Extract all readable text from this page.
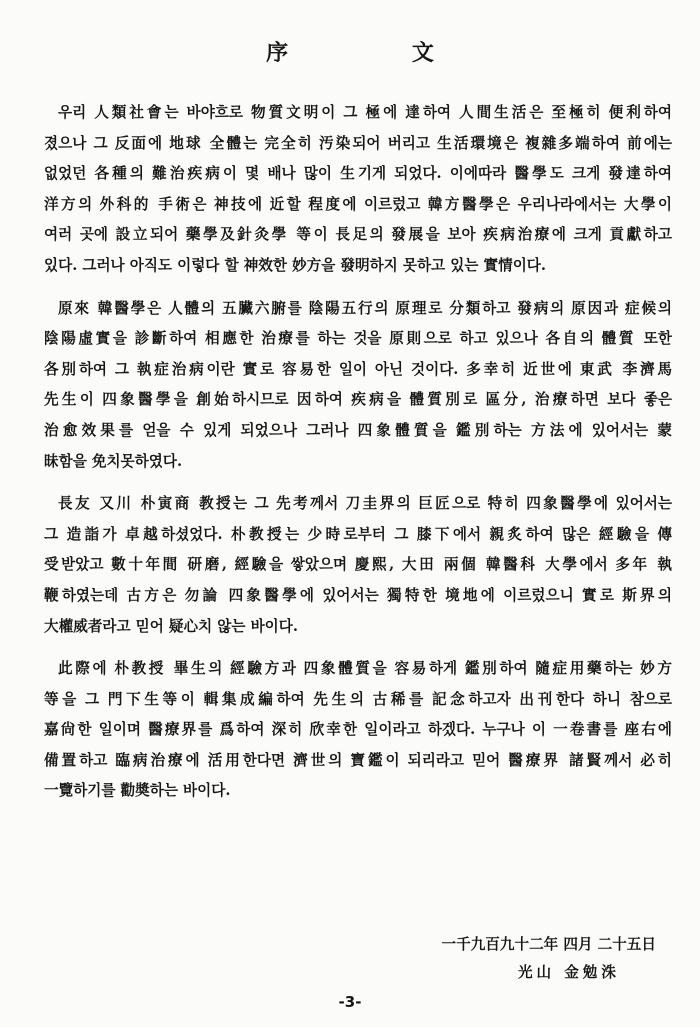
序 文
우리 人類社會는 바야흐로 物質文明이 그 極에 達하여 人間生活은 至極히 便利하여
졌으나 그 反面에 地球 全體는 完全히 汚染되어 버리고 生活環境은 複雜多端하여 前에는
없었던 各種의 難治疾病이 몇 배나 많이 生기게 되었다. 이에따라 醫學도 크게 發達하여
洋方의 外科的 手術은 神技에 近할 程度에 이르렀고 韓方醫學은 우리나라에서는 大學이
여러 곳에 設立되어 藥學及針灸學 等이 長足의 發展을 보아 疾病治療에 크게 貢獻하고
있다. 그러나 아직도 이렇다 할 神效한 妙方을 發明하지 못하고 있는 實情이다.
原來 韓醫學은 人體의 五臟六腑를 陰陽五行의 原理로 分類하고 發病의 原因과 症候의
陰陽虛實을 診斷하여 相應한 治療를 하는 것을 原則으로 하고 있으나 各自의 體質 또한
各別하여 그 執症治病이란 實로 容易한 일이 아닌 것이다. 多幸히 近世에 東武 李濟馬
先生이 四象醫學을 創始하시므로 因하여 疾病을 體質別로 區分, 治療하면 보다 좋은
治愈效果를 얻을 수 있게 되었으나 그러나 四象體質을 鑑別하는 方法에 있어서는 蒙
昧함을 免치못하였다.
長友 又川 朴寅商 教授는 그 先考께서 刀圭界의 巨匠으로 特히 四象醫學에 있어서는
그 造詣가 卓越하셨었다. 朴教授는 少時로부터 그 膝下에서 親炙하여 많은 經驗을 傳
受받았고 數十年間 研磨, 經驗을 쌓았으며 慶熙, 大田 兩個 韓醫科 大學에서 多年 執
鞭하였는데 古方은 勿論 四象醫學에 있어서는 獨特한 境地에 이르렀으니 實로 斯界의
大權威者라고 믿어 疑心치 않는 바이다.
此際에 朴教授 畢生의 經驗方과 四象體質을 容易하게 鑑別하여 隨症用藥하는 妙方
等을 그 門下生等이 輯集成編하여 先生의 古稀를 記念하고자 出刊한다 하니 참으로
嘉尙한 일이며 醫療界를 爲하여 深히 欣幸한 일이라고 하겠다. 누구나 이 一卷書를 座右에
備置하고 臨病治療에 活用한다면 濟世의 寶鑑이 되리라고 믿어 醫療界 諸賢께서 必히
一覽하기를 勸奬하는 바이다.
一千九百九十二年 四月 二十五日
光山 金勉洙
-3-
